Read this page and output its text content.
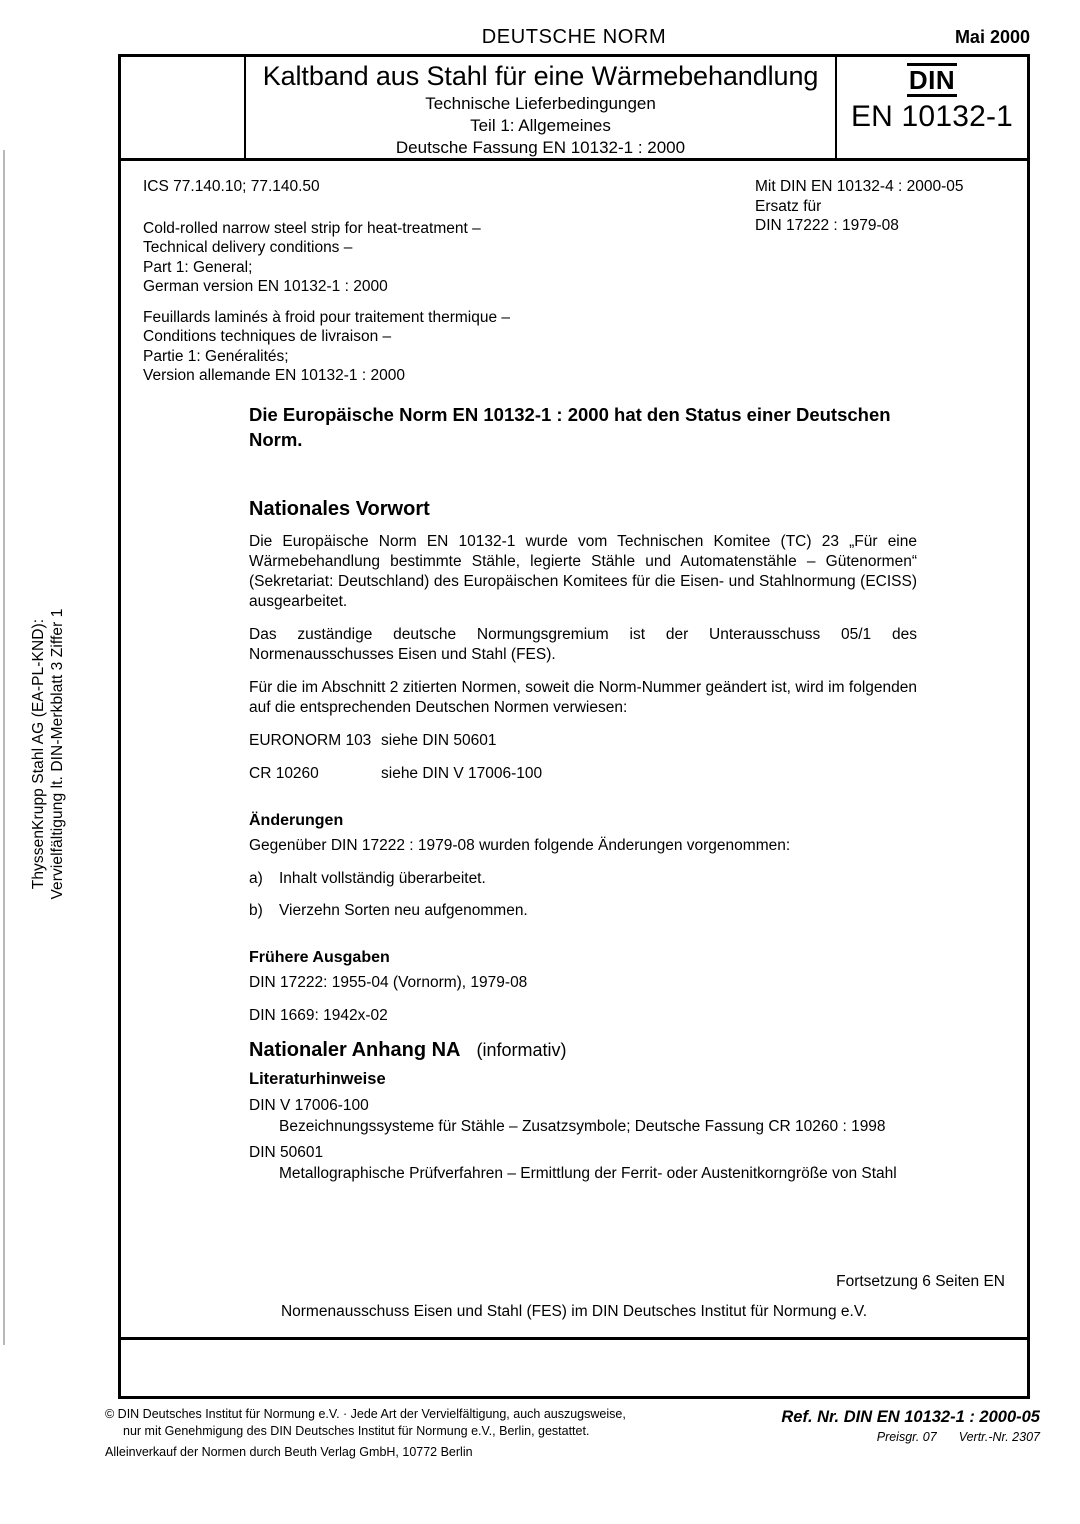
ThyssenKrupp Stahl AG (EA-PL-KND): Vervielfältigung lt. DIN-Merkblatt 3 Ziffer 1
DEUTSCHE NORM	Mai 2000
Kaltband aus Stahl für eine Wärmebehandlung
Technische Lieferbedingungen
Teil 1: Allgemeines
Deutsche Fassung EN 10132-1 : 2000
DIN
EN 10132-1
ICS 77.140.10; 77.140.50
Cold-rolled narrow steel strip for heat-treatment –
Technical delivery conditions –
Part 1: General;
German version EN 10132-1 : 2000
Feuillards laminés à froid pour traitement thermique –
Conditions techniques de livraison –
Partie 1: Genéralités;
Version allemande EN 10132-1 : 2000
Mit DIN EN 10132-4 : 2000-05
Ersatz für
DIN 17222 : 1979-08
Die Europäische Norm EN 10132-1 : 2000 hat den Status einer Deutschen Norm.
Nationales Vorwort

Die Europäische Norm EN 10132-1 wurde vom Technischen Komitee (TC) 23 „Für eine Wärmebehandlung bestimmte Stähle, legierte Stähle und Automatenstähle – Gütenormen“ (Sekretariat: Deutschland) des Europäischen Komitees für die Eisen- und Stahlnormung (ECISS) ausgearbeitet.

Das zuständige deutsche Normungsgremium ist der Unterausschuss 05/1 des Normenausschusses Eisen und Stahl (FES).

Für die im Abschnitt 2 zitierten Normen, soweit die Norm-Nummer geändert ist, wird im folgenden auf die entsprechenden Deutschen Normen verwiesen:

EURONORM 103 siehe DIN 50601
CR 10260	siehe DIN V 17006-100
Änderungen

Gegenüber DIN 17222 : 1979-08 wurden folgende Änderungen vorgenommen:

a)	Inhalt vollständig überarbeitet.
b)	Vierzehn Sorten neu aufgenommen.
Frühere Ausgaben

DIN 17222: 1955-04 (Vornorm), 1979-08

DIN 1669: 1942x-02

Nationaler Anhang NA (informativ)
Literaturhinweise
DIN V 17006-100
Bezeichnungssysteme für Stähle – Zusatzsymbole; Deutsche Fassung CR 10260 : 1998
DIN 50601
Metallographische Prüfverfahren – Ermittlung der Ferrit- oder Austenitkorngröße von Stahl
Fortsetzung 6 Seiten EN
Normenausschuss Eisen und Stahl (FES) im DIN Deutsches Institut für Normung e.V.
© DIN Deutsches Institut für Normung e.V. · Jede Art der Vervielfältigung, auch auszugsweise,
nur mit Genehmigung des DIN Deutsches Institut für Normung e.V., Berlin, gestattet.
Alleinverkauf der Normen durch Beuth Verlag GmbH, 10772 Berlin
Ref. Nr. DIN EN 10132-1 : 2000-05
Preisgr. 07 Vertr.-Nr. 2307
